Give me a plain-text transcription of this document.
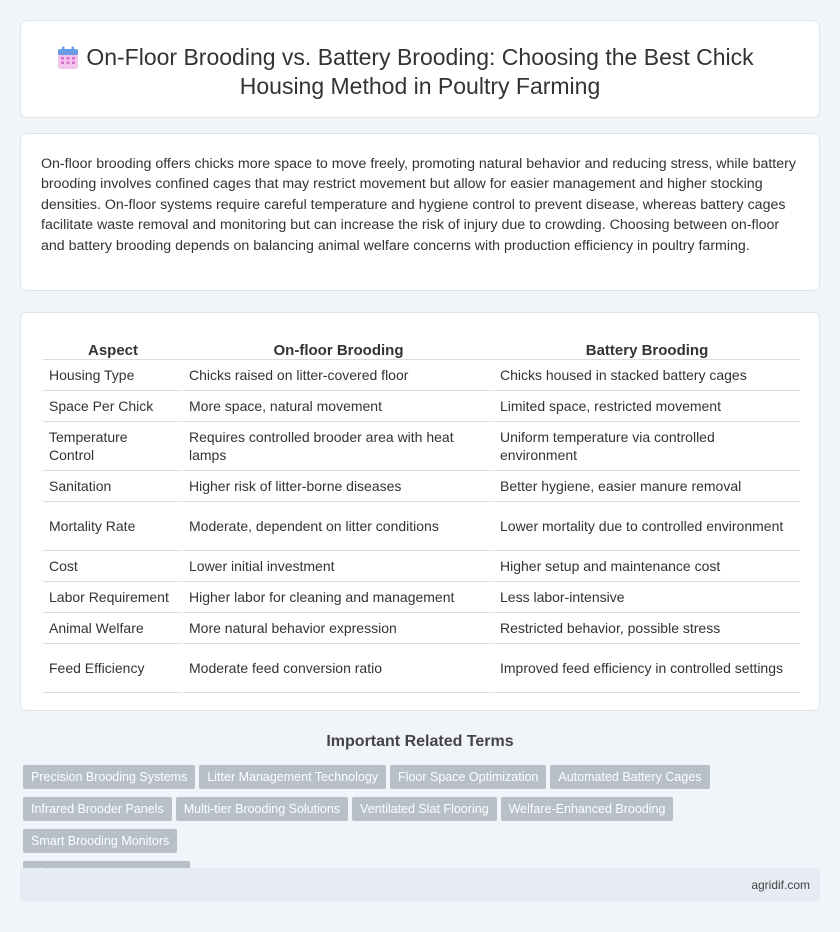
On-Floor Brooding vs. Battery Brooding: Choosing the Best Chick Housing Method in Poultry Farming

On-floor brooding offers chicks more space to move freely, promoting natural behavior and reducing stress, while battery brooding involves confined cages that may restrict movement but allow for easier management and higher stocking densities. On-floor systems require careful temperature and hygiene control to prevent disease, whereas battery cages facilitate waste removal and monitoring but can increase the risk of injury due to crowding. Choosing between on-floor and battery brooding depends on balancing animal welfare concerns with production efficiency in poultry farming.

Aspect	On-floor Brooding	Battery Brooding
Housing Type	Chicks raised on litter-covered floor	Chicks housed in stacked battery cages
Space Per Chick	More space, natural movement	Limited space, restricted movement
Temperature Control	Requires controlled brooder area with heat lamps	Uniform temperature via controlled environment
Sanitation	Higher risk of litter-borne diseases	Better hygiene, easier manure removal
Mortality Rate	Moderate, dependent on litter conditions	Lower mortality due to controlled environment
Cost	Lower initial investment	Higher setup and maintenance cost
Labor Requirement	Higher labor for cleaning and management	Less labor-intensive
Animal Welfare	More natural behavior expression	Restricted behavior, possible stress
Feed Efficiency	Moderate feed conversion ratio	Improved feed efficiency in controlled settings
Important Related Terms
Precision Brooding Systems Litter Management Technology Floor Space Optimization Automated Battery Cages
Infrared Brooder Panels Multi-tier Brooding Solutions Ventilated Slat Flooring Welfare-Enhanced BroodingSmart Brooding Monitors

agridif.com
